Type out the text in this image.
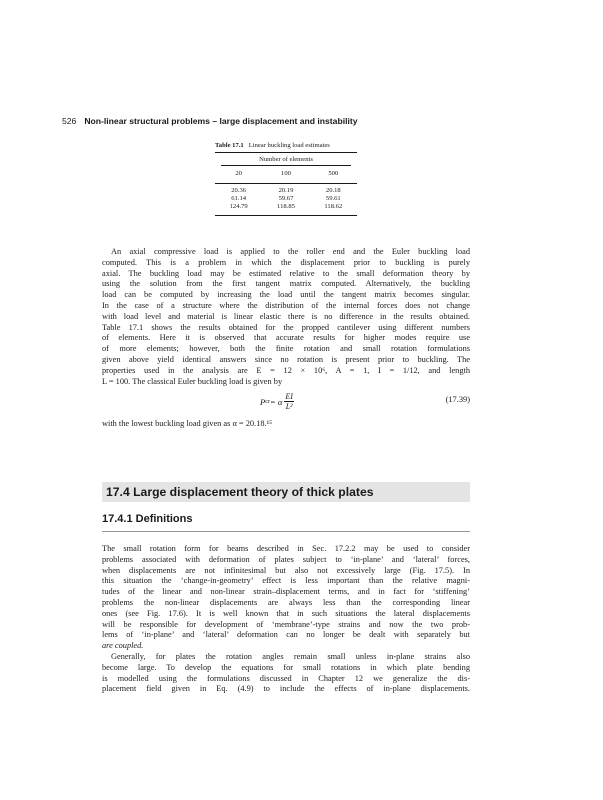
526 Non-linear structural problems – large displacement and instability
Table 17.1 Linear buckling load estimates
Number of elements
20	100	500
20.36	20.19	20.18
61.14	59.67	59.61
124.79	118.85	118.62

An axial compressive load is applied to the roller end and the Euler buckling load
computed. This is a problem in which the displacement prior to buckling is purely
axial. The buckling load may be estimated relative to the small deformation theory by
using the solution from the first tangent matrix computed. Alternatively, the buckling
load can be computed by increasing the load until the tangent matrix becomes singular.
In the case of a structure where the distribution of the internal forces does not change
with load level and material is linear elastic there is no difference in the results obtained.
Table 17.1 shows the results obtained for the propped cantilever using different numbers
of elements. Here it is observed that accurate results for higher modes require use
of more elements; however, both the finite rotation and small rotation formulations
given above yield identical answers since no rotation is present prior to buckling. The
properties used in the analysis are E = 12 × 10⁶, A = 1, I = 1/12, and length
L = 100. The classical Euler buckling load is given by

P cr = α $\frac{EI}{\text{L²}}$	(17.39)

with the lowest buckling load given as α = 20.18.¹⁵

17.4 Large displacement theory of thick plates
17.4.1 Definitions

The small rotation form for beams described in Sec. 17.2.2 may be used to consider
problems associated with deformation of plates subject to ‘in-plane’ and ‘lateral’ forces,
when displacements are not infinitesimal but also not excessively large (Fig. 17.5). In
this situation the ‘change-in-geometry’ effect is less important than the relative magni-
tudes of the linear and non-linear strain–displacement terms, and in fact for ‘stiffening’
problems the non-linear displacements are always less than the corresponding linear
ones (see Fig. 17.6). It is well known that in such situations the lateral displacements
will be responsible for development of ‘membrane’-type strains and now the two prob-
lems of ‘in-plane’ and ‘lateral’ deformation can no longer be dealt with separately but
are coupled.

Generally, for plates the rotation angles remain small unless in-plane strains also
become large. To develop the equations for small rotations in which plate bending
is modelled using the formulations discussed in Chapter 12 we generalize the dis-
placement field given in Eq. (4.9) to include the effects of in-plane displacements.
